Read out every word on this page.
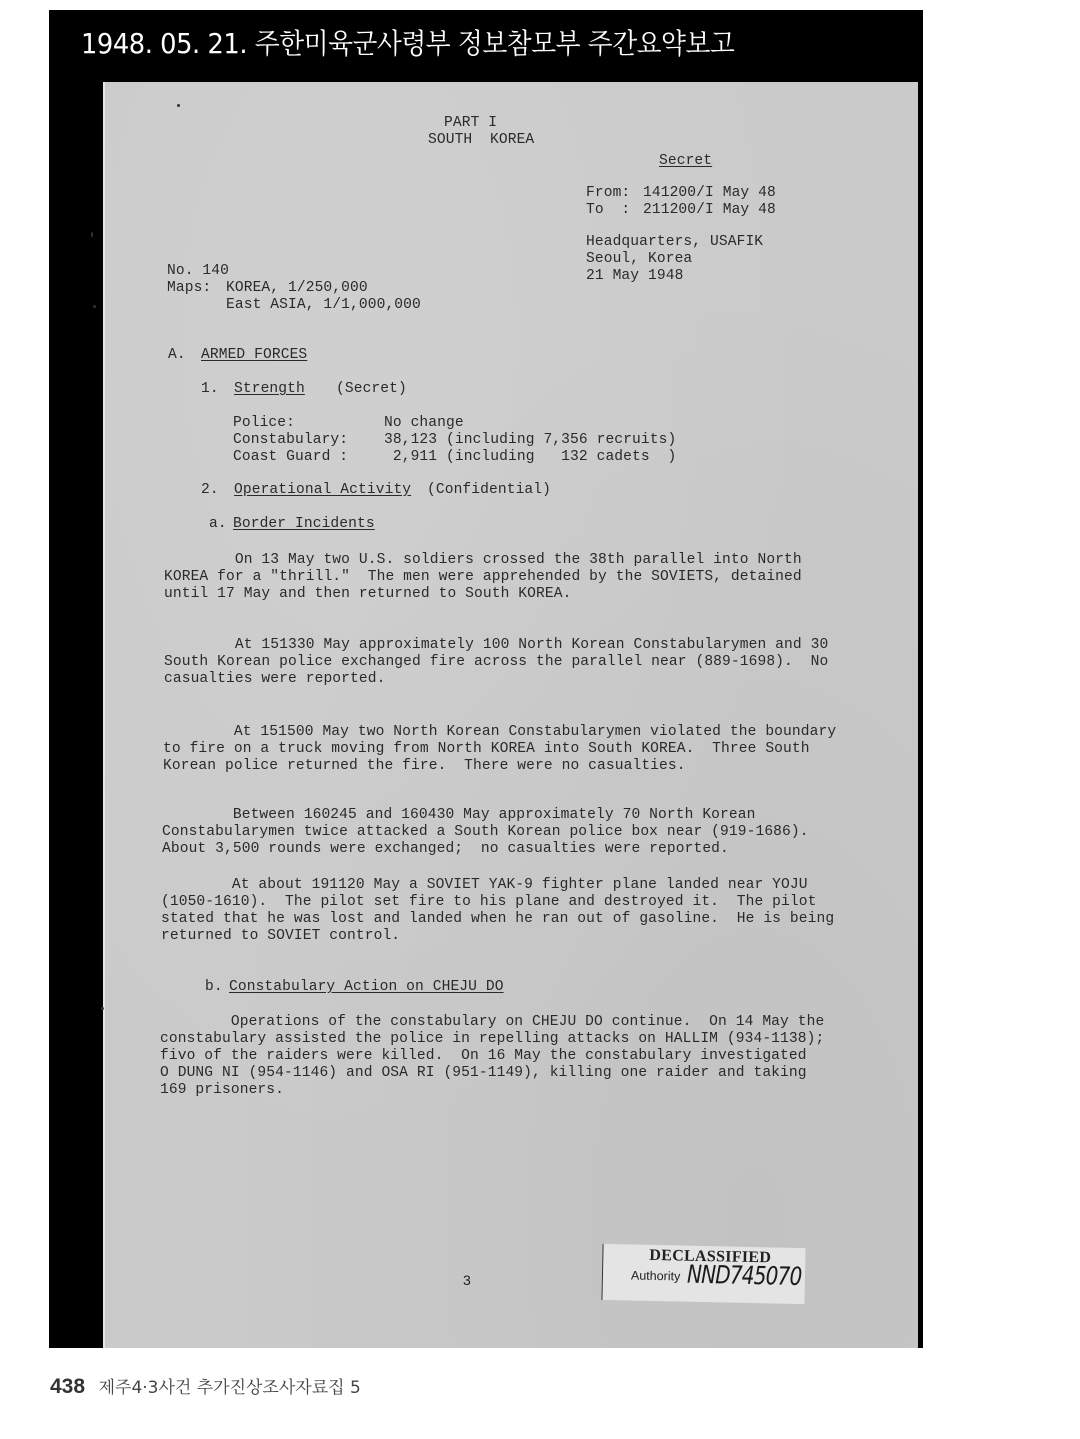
1948. 05. 21. 주한미육군사령부 정보참모부 주간요약보고
PART I
SOUTH  KOREA
Secret
From: 141200/I May 48
To  : 211200/I May 48
Headquarters, USAFIK
Seoul, Korea
21 May 1948
No. 140
Maps: KOREA, 1/250,000
East ASIA, 1/1,000,000
A. ARMED FORCES
1. Strength (Secret)
Police:	No change
Constabulary: 38,123 (including 7,356 recruits)
Coast Guard : 2,911 (including   132 cadets  )
2. Operational Activity (Confidential)
a. Border Incidents
On 13 May two U.S. soldiers crossed the 38th parallel into North
KOREA for a "thrill."  The men were apprehended by the SOVIETS, detained
until 17 May and then returned to South KOREA.
At 151330 May approximately 100 North Korean Constabularymen and 30
South Korean police exchanged fire across the parallel near (889-1698).  No
casualties were reported.
At 151500 May two North Korean Constabularymen violated the boundary
to fire on a truck moving from North KOREA into South KOREA.  Three South
Korean police returned the fire.  There were no casualties.
Between 160245 and 160430 May approximately 70 North Korean
Constabularymen twice attacked a South Korean police box near (919-1686).
About 3,500 rounds were exchanged;  no casualties were reported.
At about 191120 May a SOVIET YAK-9 fighter plane landed near YOJU
(1050-1610).  The pilot set fire to his plane and destroyed it.  The pilot
stated that he was lost and landed when he ran out of gasoline.  He is being
returned to SOVIET control.
b. Constabulary Action on CHEJU DO
Operations of the constabulary on CHEJU DO continue.  On 14 May the
constabulary assisted the police in repelling attacks on HALLIM (934-1138);
fivo of the raiders were killed.  On 16 May the constabulary investigated
O DUNG NI (954-1146) and OSA RI (951-1149), killing one raider and taking
169 prisoners.
3
DECLASSIFIED
Authority NND745070
438 제주4·3사건 추가진상조사자료집 5
